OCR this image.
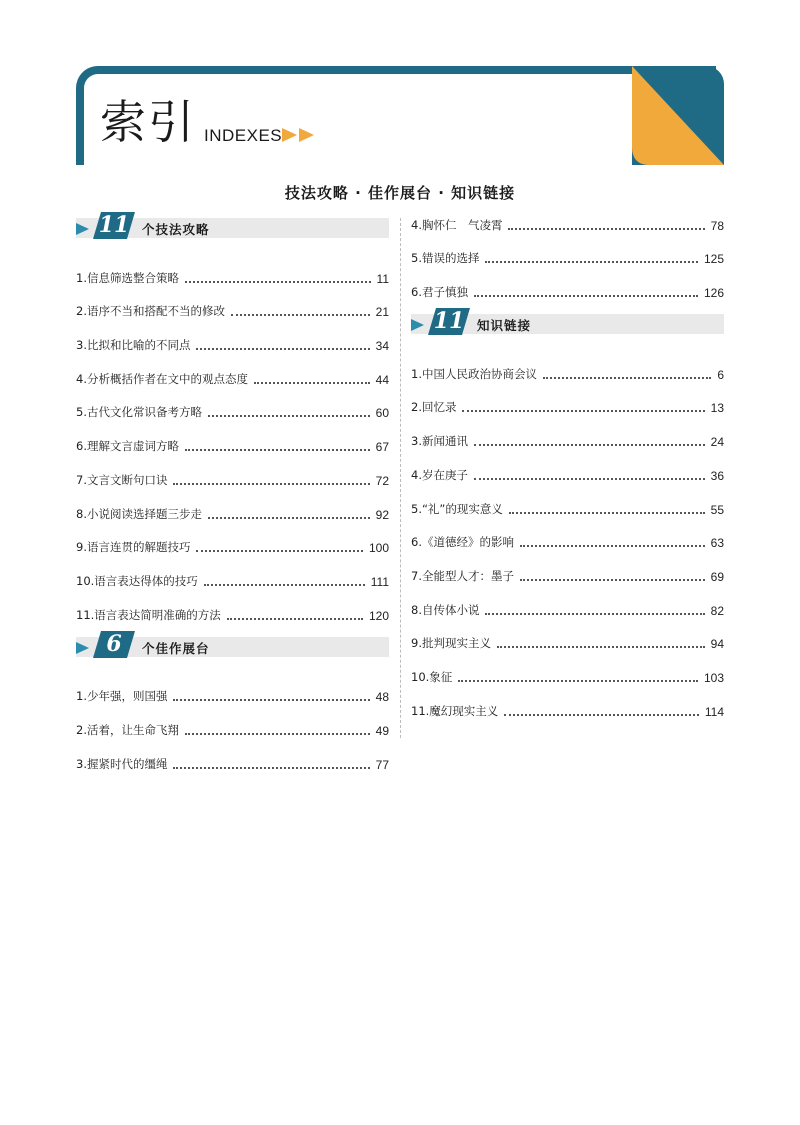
索引 INDEXES
技法攻略 · 佳作展台 · 知识链接
11	个技法攻略
1.信息筛选整合策略	11
2.语序不当和搭配不当的修改	21
3.比拟和比喻的不同点	34
4.分析概括作者在文中的观点态度	44
5.古代文化常识备考方略	60
6.理解文言虚词方略	67
7.文言文断句口诀	72
8.小说阅读选择题三步走	92
9.语言连贯的解题技巧	100
10.语言表达得体的技巧	111
11.语言表达简明准确的方法	120
6	个佳作展台
1.少年强，则国强	48
2.活着，让生命飞翔	49
3.握紧时代的缰绳	77
4.胸怀仁　气凌霄	78
5.错误的选择	125
6.君子慎独	126
11	知识链接
1.中国人民政治协商会议	6
2.回忆录	13
3.新闻通讯	24
4.岁在庚子	36
5.“礼”的现实意义	55
6.《道德经》的影响	63
7.全能型人才：墨子	69
8.自传体小说	82
9.批判现实主义	94
10.象征	103
11.魔幻现实主义	114
